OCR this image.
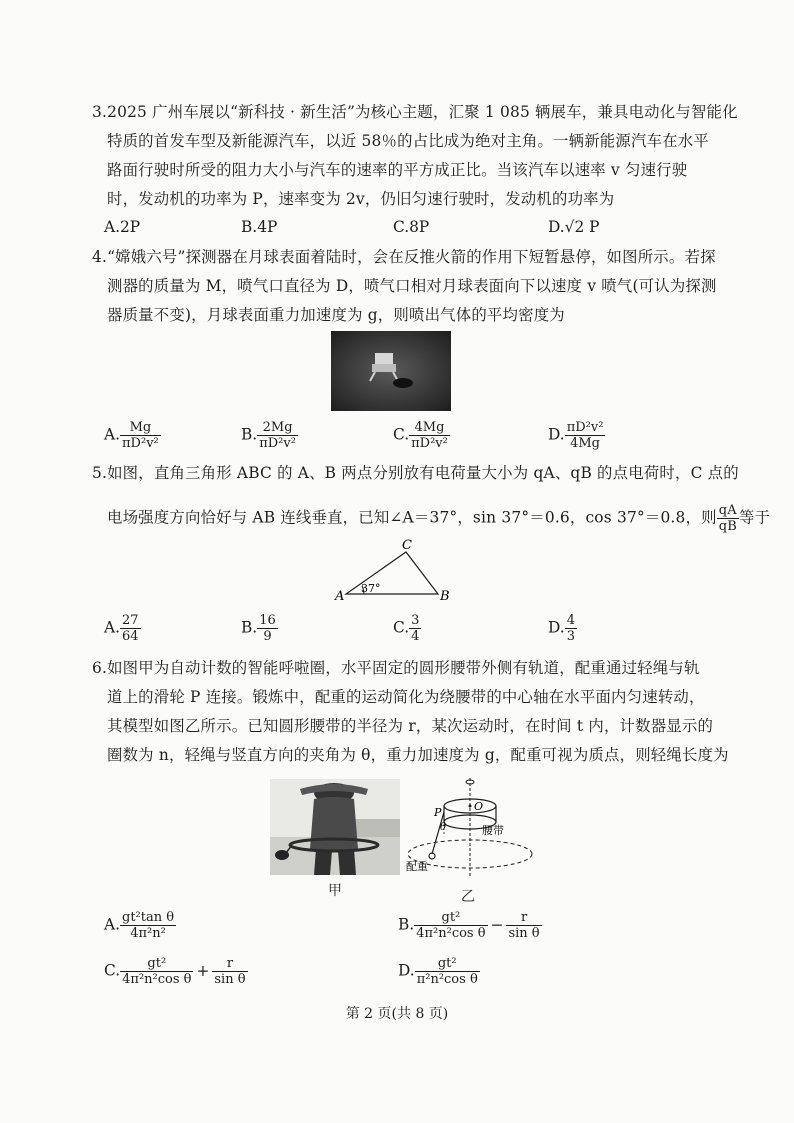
3.2025 广州车展以“新科技 · 新生活”为核心主题，汇聚 1 085 辆展车，兼具电动化与智能化
特质的首发车型及新能源汽车，以近 58％的占比成为绝对主角。一辆新能源汽车在水平
路面行驶时所受的阻力大小与汽车的速率的平方成正比。当该汽车以速率 v 匀速行驶
时，发动机的功率为 P，速率变为 2v，仍旧匀速行驶时，发动机的功率为
A.2P	B.4P	C.8P	D.√2 P
4.“嫦娥六号”探测器在月球表面着陆时，会在反推火箭的作用下短暂悬停，如图所示。若探
测器的质量为 M，喷气口直径为 D，喷气口相对月球表面向下以速度 v 喷气(可认为探测
器质量不变)，月球表面重力加速度为 g，则喷出气体的平均密度为
A. $\frac{Mg}{\text{πD²v²}}$	B. $\frac{2Mg}{\text{πD²v²}}$	C. $\frac{4Mg}{\text{πD²v²}}$	D. $\frac{\text{πD²v²}}{4Mg}$
5.如图，直角三角形 ABC 的 A、B 两点分别放有电荷量大小为 qA、qB 的点电荷时，C 点的
电场强度方向恰好与 AB 连线垂直，已知∠A＝37°，sin 37°＝0.6，cos 37°＝0.8，则 $\frac{qA}{qB}$ 等于
A	B
C
37°
A. $\frac{27}{64}$	B. $\frac{16}{9}$	C. $\frac{3}{4}$	D. $\frac{4}{3}$
6.如图甲为自动计数的智能呼啦圈，水平固定的圆形腰带外侧有轨道，配重通过轻绳与轨
道上的滑轮 P 连接。锻炼中，配重的运动简化为绕腰带的中心轴在水平面内匀速转动，
其模型如图乙所示。已知圆形腰带的半径为 r，某次运动时，在时间 t 内，计数器显示的
圈数为 n，轻绳与竖直方向的夹角为 θ，重力加速度为 g，配重可视为质点，则轻绳长度为
甲
P	O
θ	腰带
配重
乙
A. $\frac{\text{gt²tan θ}}{\text{4π²n²}}$	B. $\frac{\text{gt²}}{\text{4π²n²cos θ}} - \frac{r}{\text{sin θ}}$
C. $\frac{\text{gt²}}{\text{4π²n²cos θ}} + \frac{r}{\text{sin θ}}$	D. $\frac{\text{gt²}}{\text{π²n²cos θ}}$
第 2 页(共 8 页)
